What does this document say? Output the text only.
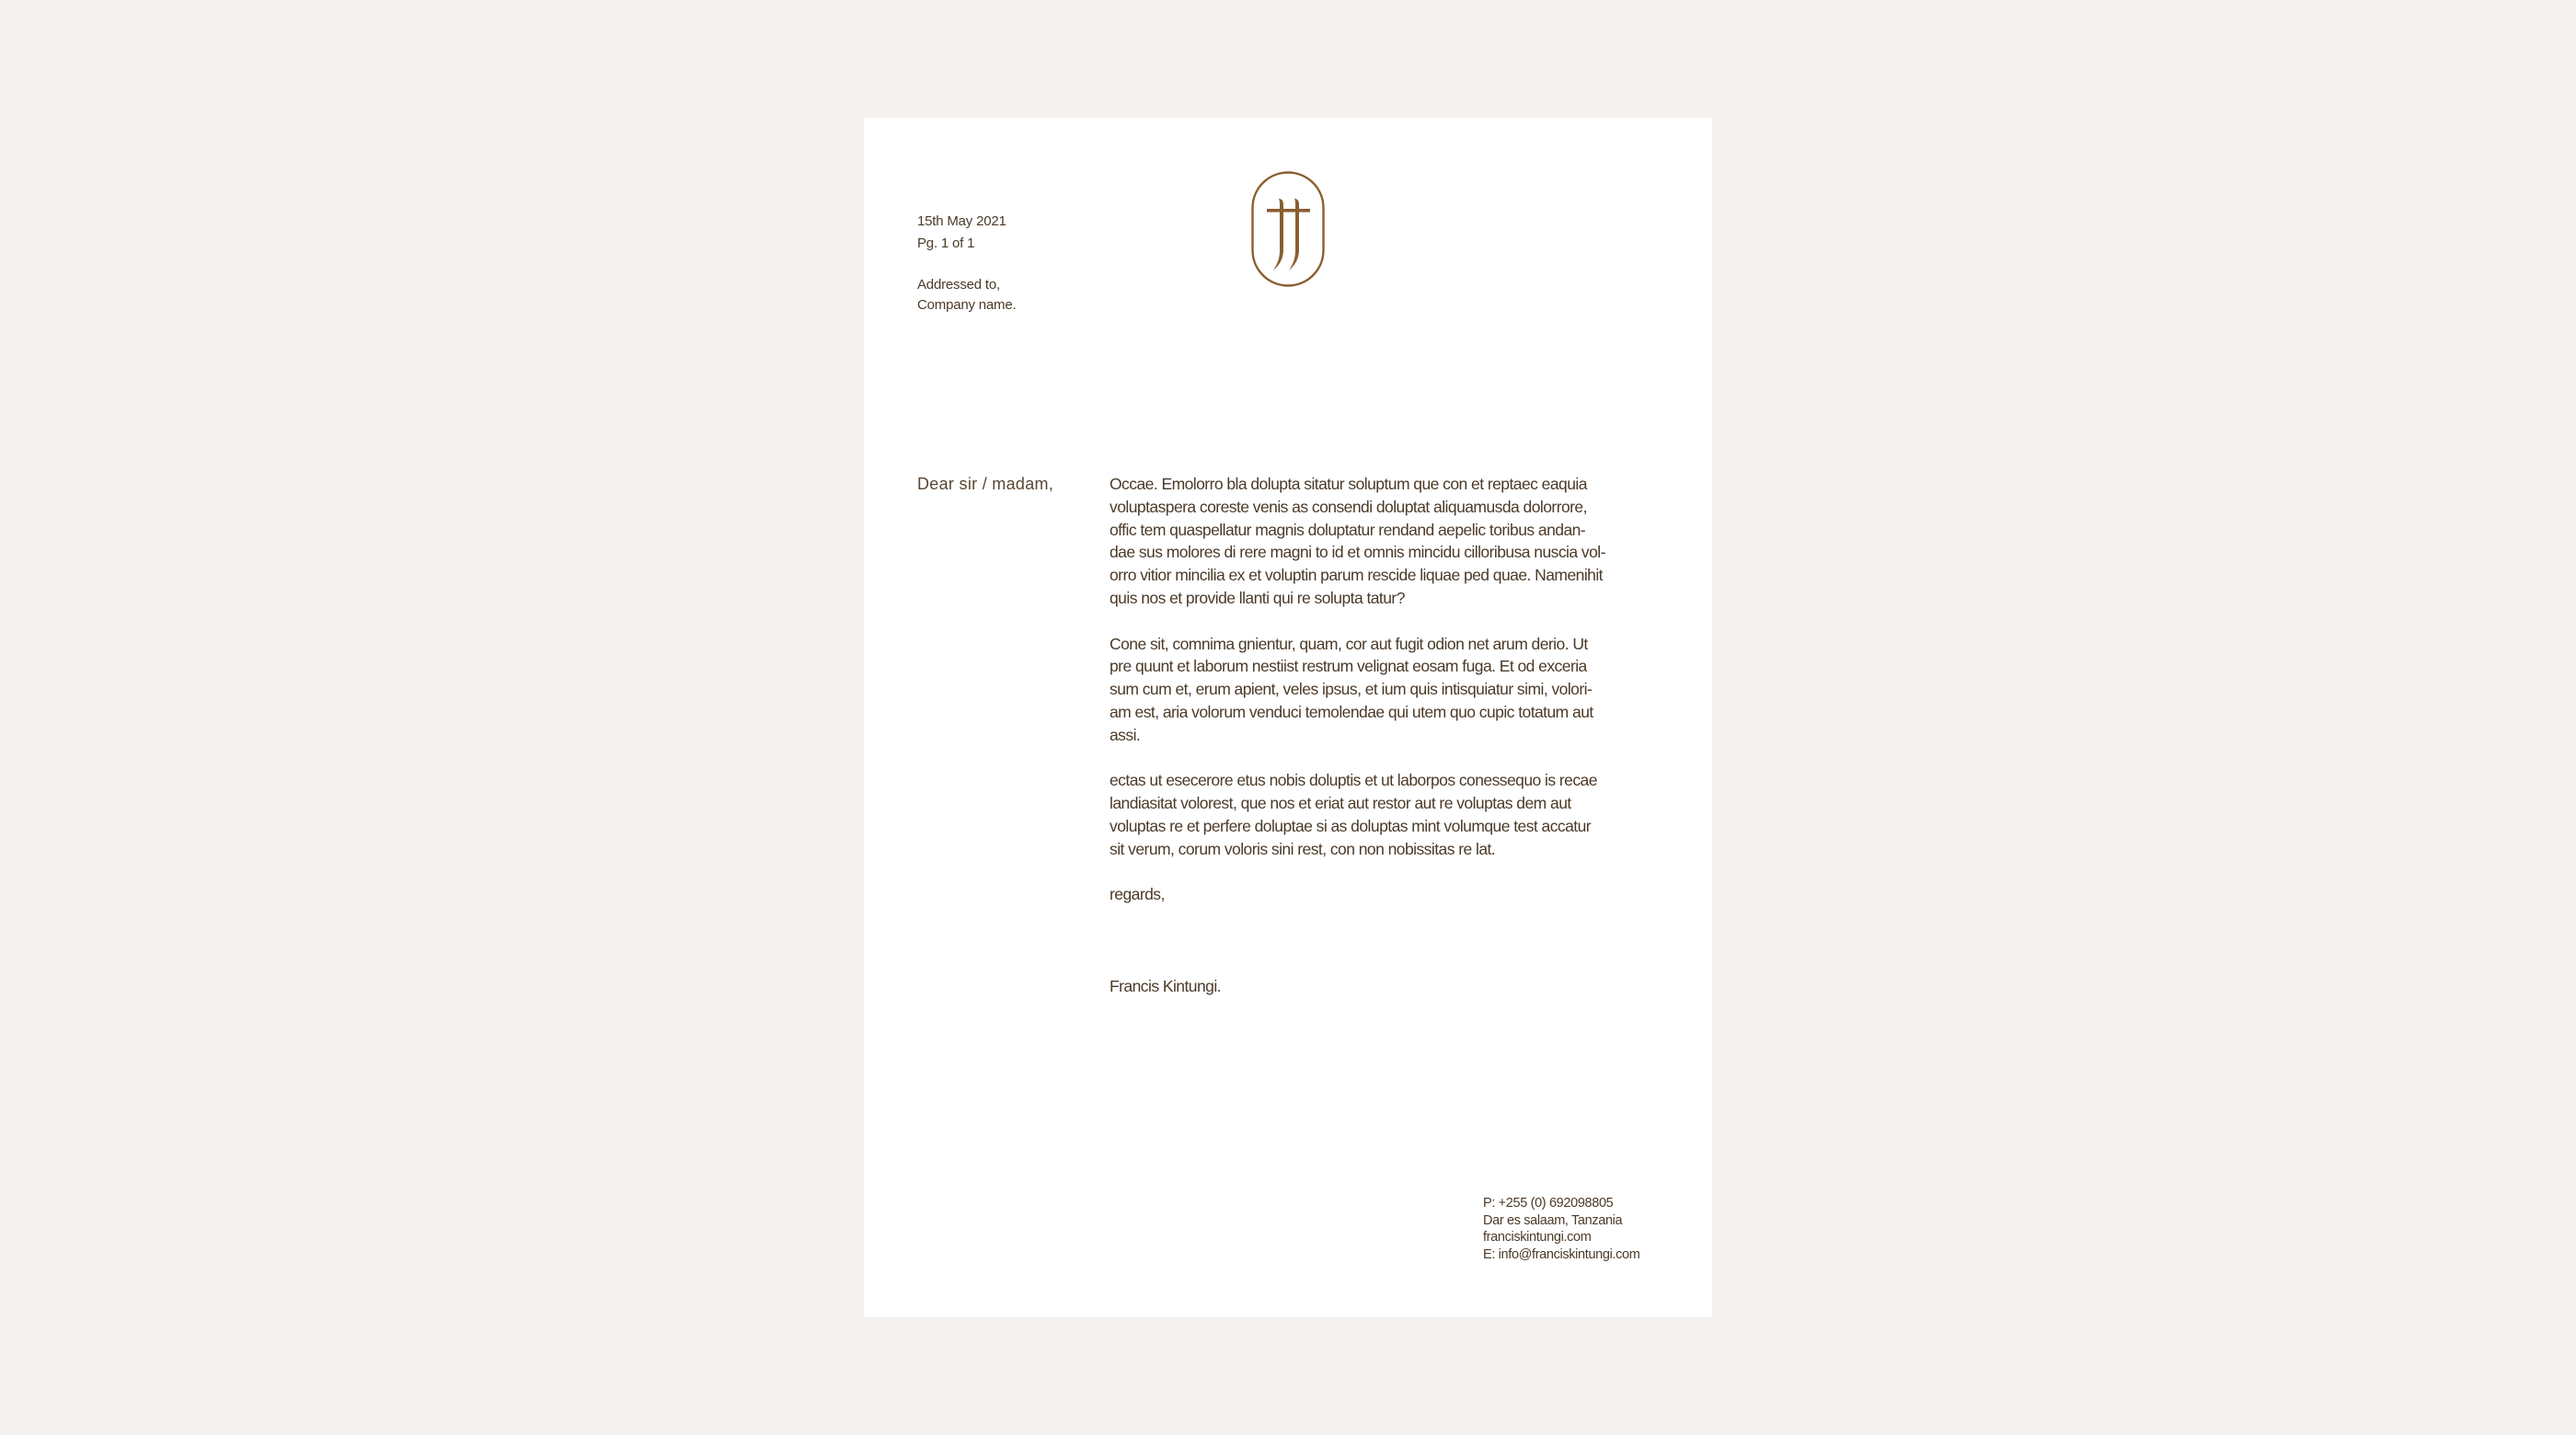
15th May 2021
Pg. 1 of 1
Addressed to,
Company name.
Dear sir / madam,	Occae. Emolorro bla dolupta sitatur soluptum que con et reptaec eaquia
voluptaspera coreste venis as consendi doluptat aliquamusda dolorrore,
offic tem quaspellatur magnis doluptatur rendand aepelic toribus andan-
dae sus molores di rere magni to id et omnis mincidu cilloribusa nuscia vol-
orro vitior mincilia ex et voluptin parum rescide liquae ped quae. Namenihit
quis nos et provide llanti qui re solupta tatur?
Cone sit, comnima gnientur, quam, cor aut fugit odion net arum derio. Ut
pre quunt et laborum nestiist restrum velignat eosam fuga. Et od exceria
sum cum et, erum apient, veles ipsus, et ium quis intisquiatur simi, volori-
am est, aria volorum venduci temolendae qui utem quo cupic totatum aut
assi.
ectas ut esecerore etus nobis doluptis et ut laborpos conessequo is recae
landiasitat volorest, que nos et eriat aut restor aut re voluptas dem aut
voluptas re et perfere doluptae si as doluptas mint volumque test accatur
sit verum, corum voloris sini rest, con non nobissitas re lat.
regards,
Francis Kintungi.
P: +255 (0) 692098805
Dar es salaam, Tanzania
franciskintungi.com
E: info@franciskintungi.com
